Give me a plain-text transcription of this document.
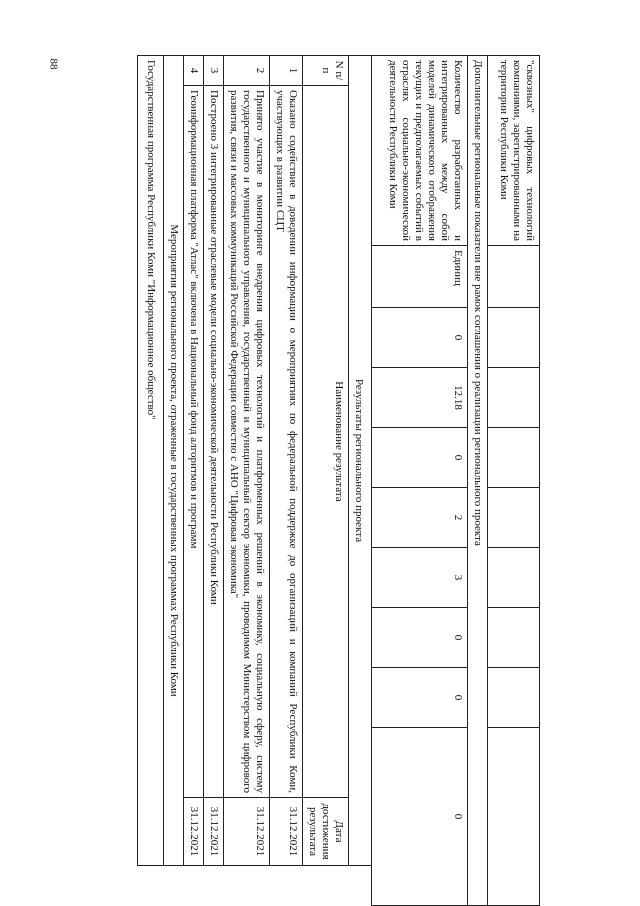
88	"сквозных" цифровых технологий компаниями, зарегистрированными на территории Республики Коми									
Дополнительные региональные показатели вне рамок соглашения о реализации регионального проекта									
Количество разработанных и интегрированных между собой моделей динамического отображения текущих и предполагаемых событий в отраслях социально-экономической деятельности Республики Коми	Единиц	0	12.18	0	2	3	0	0	0
Результаты регионального проекта		
N п/п	Наименование результата	Дата достижения результата
1	Оказано содействие в доведении информации о мероприятиях по федеральной поддержке до организаций и компаний Республики Коми, участвующих в развитии СЦТ	31.12.2021
2	Принято участие в мониторинге внедрения цифровых технологий и платформенных решений в экономику, социальную сферу, систему государственного и муниципального управления, государственный и муниципальный сектор экономики, проводимом Министерством цифрового развития, связи и массовых коммуникаций Российской Федерации совместно с АНО "Цифровая экономика"	31.12.2021
3	Построено 3 интегрированные отраслевые модели социально-экономической деятельности Республики Коми	31.12.2021
4	Геоинформационная платформа "Атлас" включена в Национальный фонд алгоритмов и программ	31.12.2021
Мероприятия регионального проекта, отраженные в государственных программах Республики Коми		
Государственная программа Республики Коми "Информационное общество"		
